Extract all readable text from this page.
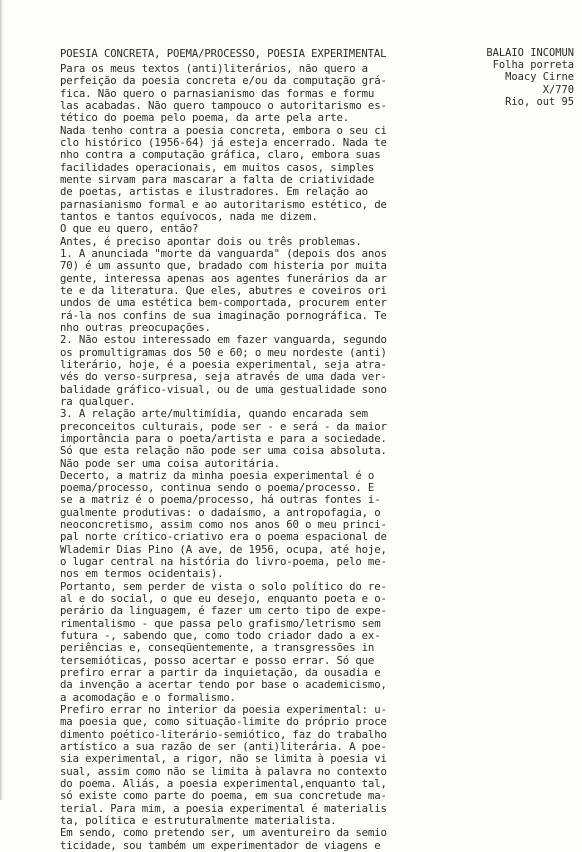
BALAIO INCOMUN
Folha porreta
Moacy Cirne
X/770
Rio, out 95
POESIA CONCRETA, POEMA/PROCESSO, POESIA EXPERIMENTAL
Para os meus textos (anti)literários, não quero a
perfeição da poesia concreta e/ou da computação grá-
fica. Não quero o parnasianismo das formas e formu
las acabadas. Não quero tampouco o autoritarismo es-
tético do poema pelo poema, da arte pela arte.
Nada tenho contra a poesia concreta, embora o seu ci
clo histórico (1956-64) já esteja encerrado. Nada te
nho contra a computação gráfica, claro, embora suas
facilidades operacionais, em muitos casos, simples
mente sirvam para mascarar a falta de criatividade
de poetas, artistas e ilustradores. Em relação ao
parnasianismo formal e ao autoritarismo estético, de
tantos e tantos equívocos, nada me dizem.
O que eu quero, então?
Antes, é preciso apontar dois ou três problemas.
1. A anunciada "morte da vanguarda" (depois dos anos
70) é um assunto que, bradado com histeria por muita
gente, interessa apenas aos agentes funerários da ar
te e da literatura. Que eles, abutres e coveiros ori
undos de uma estética bem-comportada, procurem enter
rá-la nos confins de sua imaginação pornográfica. Te
nho outras preocupações.
2. Não estou interessado em fazer vanguarda, segundo
os promultigramas dos 50 e 60; o meu nordeste (anti)
literário, hoje, é a poesia experimental, seja atra-
vés do verso-surpresa, seja através de uma dada ver-
balidade gráfico-visual, ou de uma gestualidade sono
ra qualquer.
3. A relação arte/multimídia, quando encarada sem
preconceitos culturais, pode ser - e será - da maior
importância para o poeta/artista e para a sociedade.
Só que esta relação não pode ser uma coisa absoluta.
Não pode ser uma coisa autoritária.
Decerto, a matriz da minha poesia experimental é o
poema/processo, continua sendo o poema/processo. E
se a matriz é o poema/processo, há outras fontes i-
gualmente produtivas: o dadaísmo, a antropofagia, o
neoconcretismo, assim como nos anos 60 o meu princi-
pal norte crítico-criativo era o poema espacional de
Wlademir Dias Pino (A ave, de 1956, ocupa, até hoje,
o lugar central na história do livro-poema, pelo me-
nos em termos ocidentais).
Portanto, sem perder de vista o solo político do re-
al e do social, o que eu desejo, enquanto poeta e o-
perário da linguagem, é fazer um certo tipo de expe-
rimentalismo - que passa pelo grafismo/letrismo sem
futura -, sabendo que, como todo criador dado a ex-
periências e, conseqüentemente, a transgressões in
tersemióticas, posso acertar e posso errar. Só que
prefiro errar a partir da inquietação, da ousadia e
da invenção a acertar tendo por base o academicismo,
a acomodação e o formalismo.
Prefiro errar no interior da poesia experimental: u-
ma poesia que, como situação-limite do próprio proce
dimento poético-literário-semiótico, faz do trabalho
artístico a sua razão de ser (anti)literária. A poe-
sia experimental, a rigor, não se limita à poesia vi
sual, assim como não se limita à palavra no contexto
do poema. Aliás, a poesia experimental,enquanto tal,
só existe como parte do poema, em sua concretude ma-
terial. Para mim, a poesia experimental é materialis
ta, política e estruturalmente materialista.
Em sendo, como pretendo ser, um aventureiro da semio
ticidade, sou também um experimentador de viagens e
